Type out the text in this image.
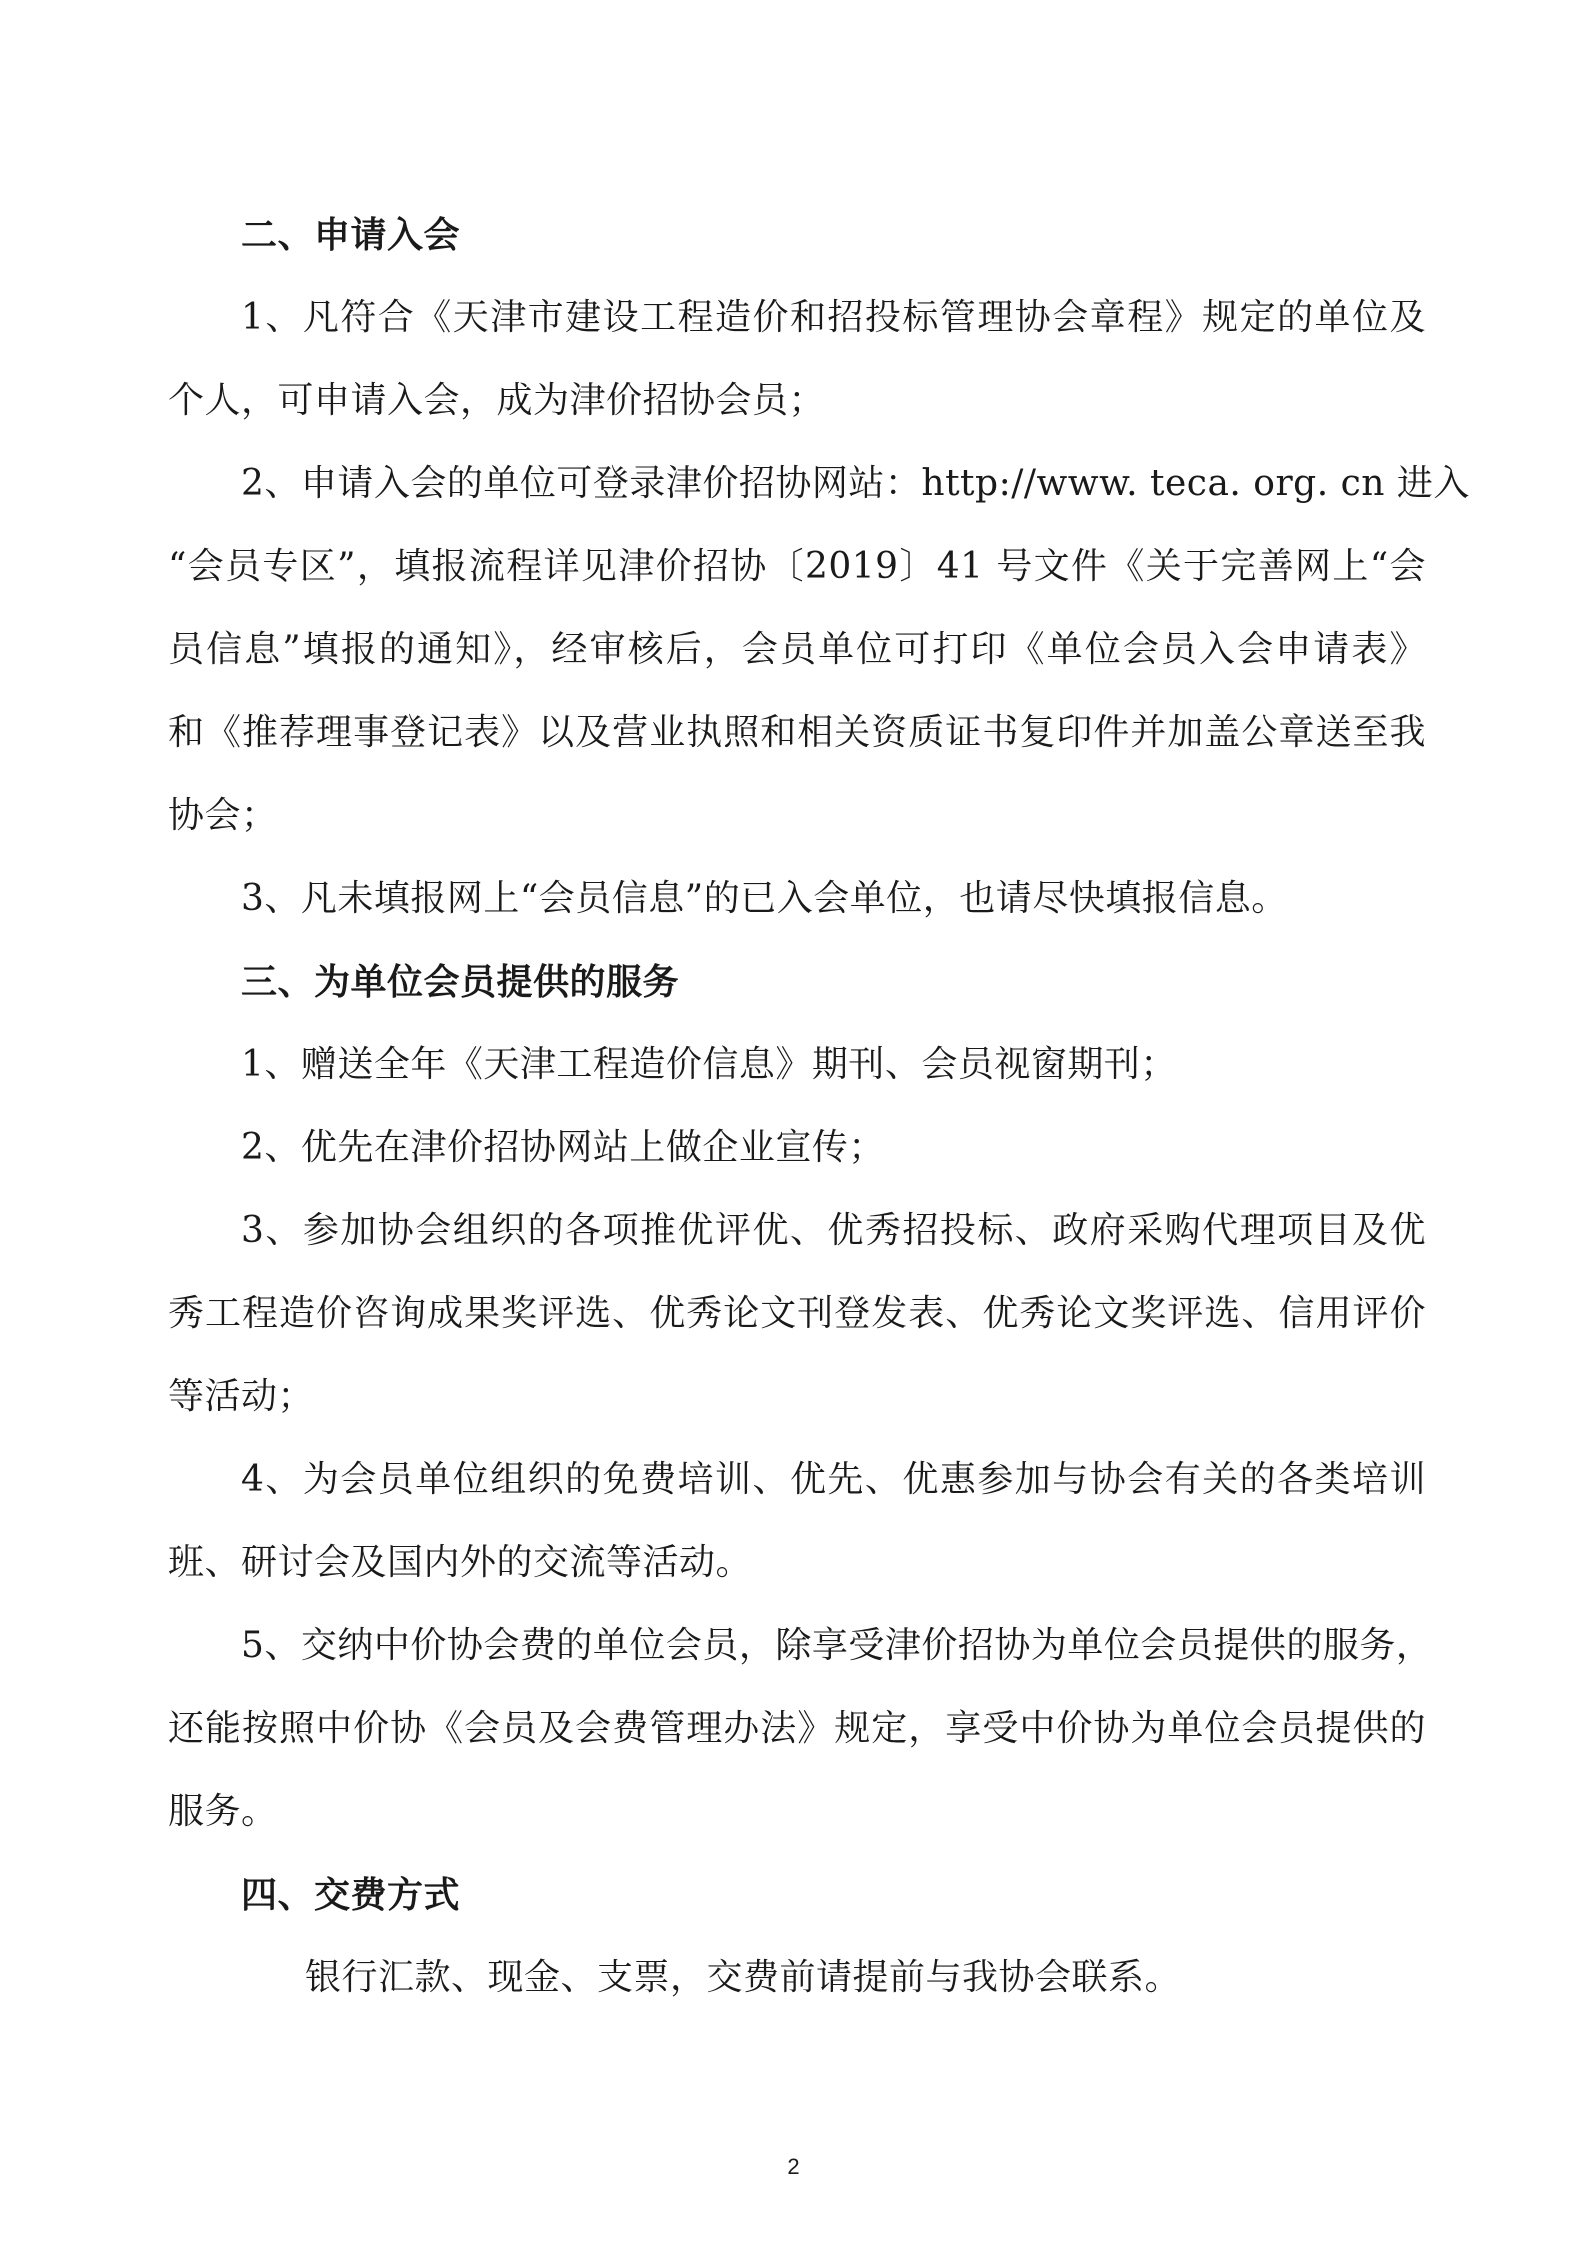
二、申请入会
1、凡符合《天津市建设工程造价和招投标管理协会章程》规定的单位及
个人，可申请入会，成为津价招协会员；
2、申请入会的单位可登录津价招协网站：http://www. teca. org. cn 进入
“会员专区”，填报流程详见津价招协〔2019〕41 号文件《关于完善网上“会
员信息”填报的通知》，经审核后，会员单位可打印《单位会员入会申请表》
和《推荐理事登记表》以及营业执照和相关资质证书复印件并加盖公章送至我
协会；
3、凡未填报网上“会员信息”的已入会单位，也请尽快填报信息。
三、为单位会员提供的服务
1、赠送全年《天津工程造价信息》期刊、会员视窗期刊；
2、优先在津价招协网站上做企业宣传；
3、参加协会组织的各项推优评优、优秀招投标、政府采购代理项目及优
秀工程造价咨询成果奖评选、优秀论文刊登发表、优秀论文奖评选、信用评价
等活动；
4、为会员单位组织的免费培训、优先、优惠参加与协会有关的各类培训
班、研讨会及国内外的交流等活动。
5、交纳中价协会费的单位会员，除享受津价招协为单位会员提供的服务，
还能按照中价协《会员及会费管理办法》规定，享受中价协为单位会员提供的
服务。
四、交费方式
银行汇款、现金、支票，交费前请提前与我协会联系。
2
